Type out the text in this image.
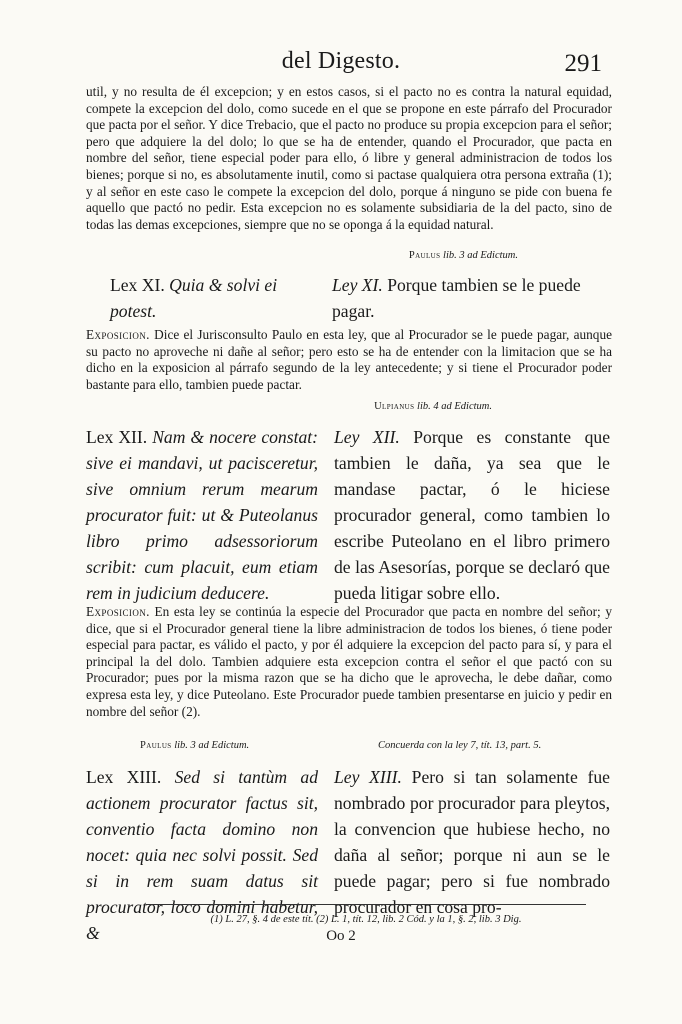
del Digesto.	291

util, y no resulta de él excepcion; y en estos casos, si el pacto no es contra la natural equidad, compete la excepcion del dolo, como sucede en el que se propone en este párrafo del Procurador que pacta por el señor. Y dice Trebacio, que el pacto no produce su propia excepcion para el señor; pero que adquiere la del dolo; lo que se ha de entender, quando el Procurador, que pacta en nombre del señor, tiene especial poder para ello, ó libre y general administracion de todos los bienes; porque si no, es absolutamente inutil, como si pactase qualquiera otra persona extraña (1); y al señor en este caso le compete la excepcion del dolo, porque á ninguno se pide con buena fe aquello que pactó no pedir. Esta excepcion no es solamente subsidiaria de la del pacto, sino de todas las demas excepciones, siempre que no se oponga á la equidad natural.

Paulus lib. 3 ad Edictum.
Lex XI. Quia & solvi ei potest.
Ley XI. Porque tambien se le puede pagar.

Exposicion. Dice el Jurisconsulto Paulo en esta ley, que al Procurador se le puede pagar, aunque su pacto no aproveche ni dañe al señor; pero esto se ha de entender con la limitacion que se ha dicho en la exposicion al párrafo segundo de la ley antecedente; y si tiene el Procurador poder bastante para ello, tambien puede pactar.

Ulpianus lib. 4 ad Edictum.
Lex XII. Nam & nocere constat: sive ei mandavi, ut pacisceretur, sive omnium rerum mearum procurator fuit: ut & Puteolanus libro primo adsessoriorum scribit: cum placuit, eum etiam rem in judicium deducere.
Ley XII. Porque es constante que tambien le daña, ya sea que le mandase pactar, ó le hiciese procurador general, como tambien lo escribe Puteolano en el libro primero de las Asesorías, porque se declaró que pueda litigar sobre ello.

Exposicion. En esta ley se continúa la especie del Procurador que pacta en nombre del señor; y dice, que si el Procurador general tiene la libre administracion de todos los bienes, ó tiene poder especial para pactar, es válido el pacto, y por él adquiere la excepcion del pacto para sí, y para el principal la del dolo. Tambien adquiere esta excepcion contra el señor el que pactó con su Procurador; pues por la misma razon que se ha dicho que le aprovecha, le debe dañar, como expresa esta ley, y dice Puteolano. Este Procurador puede tambien presentarse en juicio y pedir en nombre del señor (2).

Paulus lib. 3 ad Edictum.	Concuerda con la ley 7, tít. 13, part. 5.
Lex XIII. Sed si tantùm ad actionem procurator factus sit, conventio facta domino non nocet: quia nec solvi possit. Sed si in rem suam datus sit procurator, loco domini habetur, &
Ley XIII. Pero si tan solamente fue nombrado por procurador para pleytos, la convencion que hubiese hecho, no daña al señor; porque ni aun se le puede pagar; pero si fue nombrado procurador en cosa pro-
(1) L. 27, §. 4 de este tít. (2) L. 1, tít. 12, lib. 2 Cód. y la 1, §. 2, lib. 3 Dig.
Oo 2
